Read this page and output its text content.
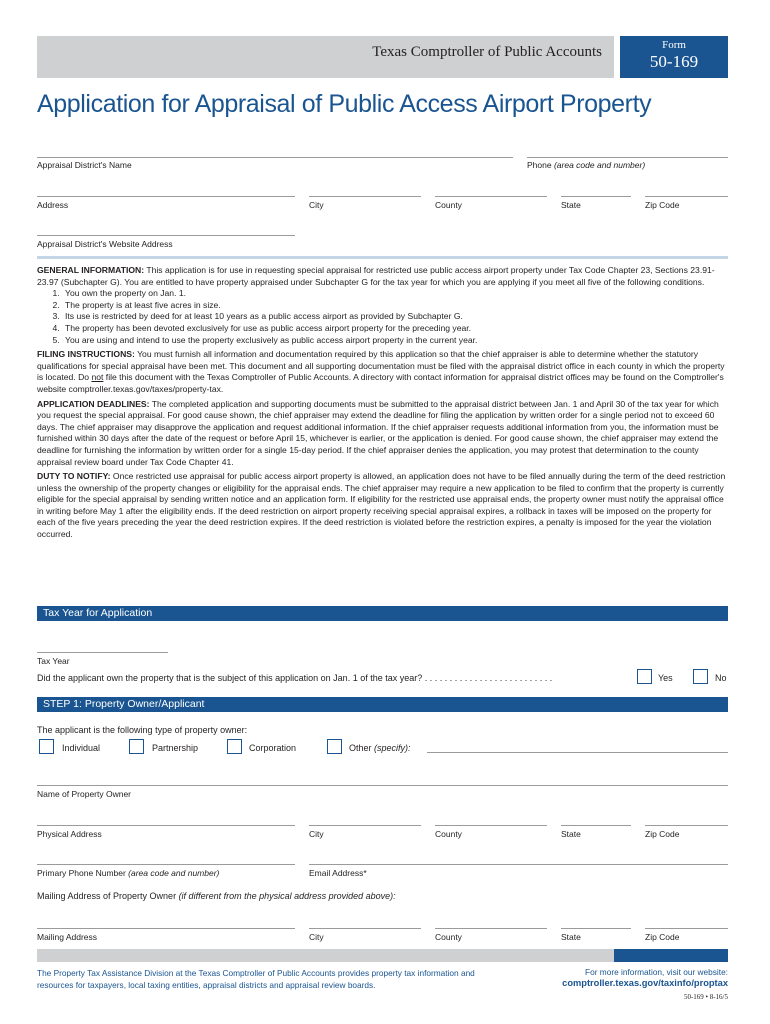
Texas Comptroller of Public Accounts	Form
50-169
Application for Appraisal of Public Access Airport Property
Appraisal District's Name	Phone (area code and number)
Address	City	County	State	Zip Code
Appraisal District's Website Address

GENERAL INFORMATION: This application is for use in requesting special appraisal for restricted use public access airport property under Tax Code Chapter 23, Sections 23.91-23.97 (Subchapter G). You are entitled to have property appraised under Subchapter G for the tax year for which you are applying if you meet all five of the following conditions.

1. You own the property on Jan. 1.
2. The property is at least five acres in size.
3. Its use is restricted by deed for at least 10 years as a public access airport as provided by Subchapter G.
4. The property has been devoted exclusively for use as public access airport property for the preceding year.
5. You are using and intend to use the property exclusively as public access airport property in the current year.

FILING INSTRUCTIONS: You must furnish all information and documentation required by this application so that the chief appraiser is able to determine whether the statutory qualifications for special appraisal have been met. This document and all supporting documentation must be filed with the appraisal district office in each county in which the property is located. Do not file this document with the Texas Comptroller of Public Accounts. A directory with contact information for appraisal district offices may be found on the Comptroller's website comptroller.texas.gov/taxes/property-tax.

APPLICATION DEADLINES: The completed application and supporting documents must be submitted to the appraisal district between Jan. 1 and April 30 of the tax year for which you request the special appraisal. For good cause shown, the chief appraiser may extend the deadline for filing the application by written order for a single period not to exceed 60 days. The chief appraiser may disapprove the application and request additional information. If the chief appraiser requests additional information from you, the information must be furnished within 30 days after the date of the request or before April 15, whichever is earlier, or the application is denied. For good cause shown, the chief appraiser may extend the deadline for furnishing the information by written order for a single 15-day period. If the chief appraiser denies the application, you may protest that determination to the county appraisal review board under Tax Code Chapter 41.

DUTY TO NOTIFY: Once restricted use appraisal for public access airport property is allowed, an application does not have to be filed annually during the term of the deed restriction unless the ownership of the property changes or eligibility for the appraisal ends. The chief appraiser may require a new application to be filed to confirm that the property is currently eligible for the special appraisal by sending written notice and an application form. If eligibility for the restricted use appraisal ends, the property owner must notify the appraisal office in writing before May 1 after the eligibility ends. If the deed restriction on airport property receiving special appraisal expires, a rollback in taxes will be imposed on the property for each of the five years preceding the year the deed restriction expires. If the deed restriction is violated before the restriction expires, a penalty is imposed for the year the violation occurred.

Tax Year for Application
Tax Year
Did the applicant own the property that is the subject of this application on Jan. 1 of the tax year? . . . . . . . . . . . . . . . . . . . . . . . . . .	Yes	No
STEP 1: Property Owner/Applicant
The applicant is the following type of property owner:
Individual	Partnership	Corporation	Other (specify):
Name of Property Owner
Physical Address	City	County	State	Zip Code
Primary Phone Number (area code and number)	Email Address*
Mailing Address of Property Owner (if different from the physical address provided above):
Mailing Address	City	County	State	Zip Code
The Property Tax Assistance Division at the Texas Comptroller of Public Accounts provides property tax information and resources for taxpayers, local taxing entities, appraisal districts and appraisal review boards.
For more information, visit our website:
comptroller.texas.gov/taxinfo/proptax
50-169 • 8-16/5
